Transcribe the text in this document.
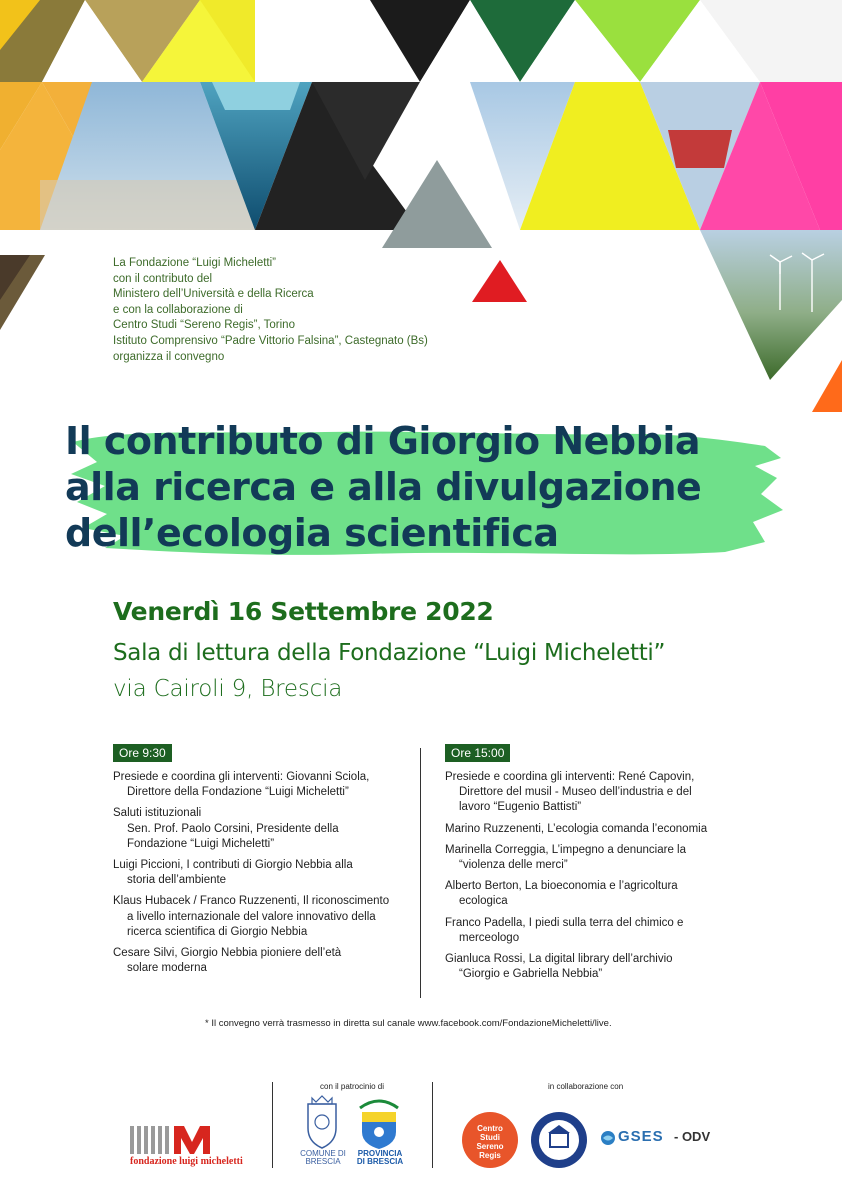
La Fondazione “Luigi Micheletti”
con il contributo del
Ministero dell’Università e della Ricerca
e con la collaborazione di
Centro Studi “Sereno Regis”, Torino
Istituto Comprensivo “Padre Vittorio Falsina”, Castegnato (Bs)
organizza il convegno
Il contributo di Giorgio Nebbia
alla ricerca e alla divulgazione
dell’ecologia scientifica
Venerdì 16 Settembre 2022
Sala di lettura della Fondazione “Luigi Micheletti”
via Cairoli 9, Brescia
Ore 9:30
Presiede e coordina gli interventi: Giovanni Sciola,
Direttore della Fondazione “Luigi Micheletti”
Saluti istituzionali
Sen. Prof. Paolo Corsini, Presidente della
Fondazione “Luigi Micheletti”
Luigi Piccioni, I contributi di Giorgio Nebbia alla
storia dell’ambiente
Klaus Hubacek / Franco Ruzzenenti, Il riconoscimento
a livello internazionale del valore innovativo della
ricerca scientifica di Giorgio Nebbia
Cesare Silvi, Giorgio Nebbia pioniere dell’età
solare moderna
Ore 15:00
Presiede e coordina gli interventi: René Capovin,
Direttore del musil - Museo dell’industria e del
lavoro “Eugenio Battisti”
Marino Ruzzenenti, L’ecologia comanda l’economia
Marinella Correggia, L’impegno a denunciare la
“violenza delle merci”
Alberto Berton, La bioeconomia e l’agricoltura
ecologica
Franco Padella, I piedi sulla terra del chimico e
merceologo
Gianluca Rossi, La digital library dell’archivio
“Giorgio e Gabriella Nebbia”
* Il convegno verrà trasmesso in diretta sul canale www.facebook.com/FondazioneMicheletti/live.
con il patrocinio di	in collaborazione con
fondazione luigi micheletti
COMUNE DI BRESCIA
PROVINCIA DI BRESCIA
Centro Studi Sereno Regis
GSES - ODV
